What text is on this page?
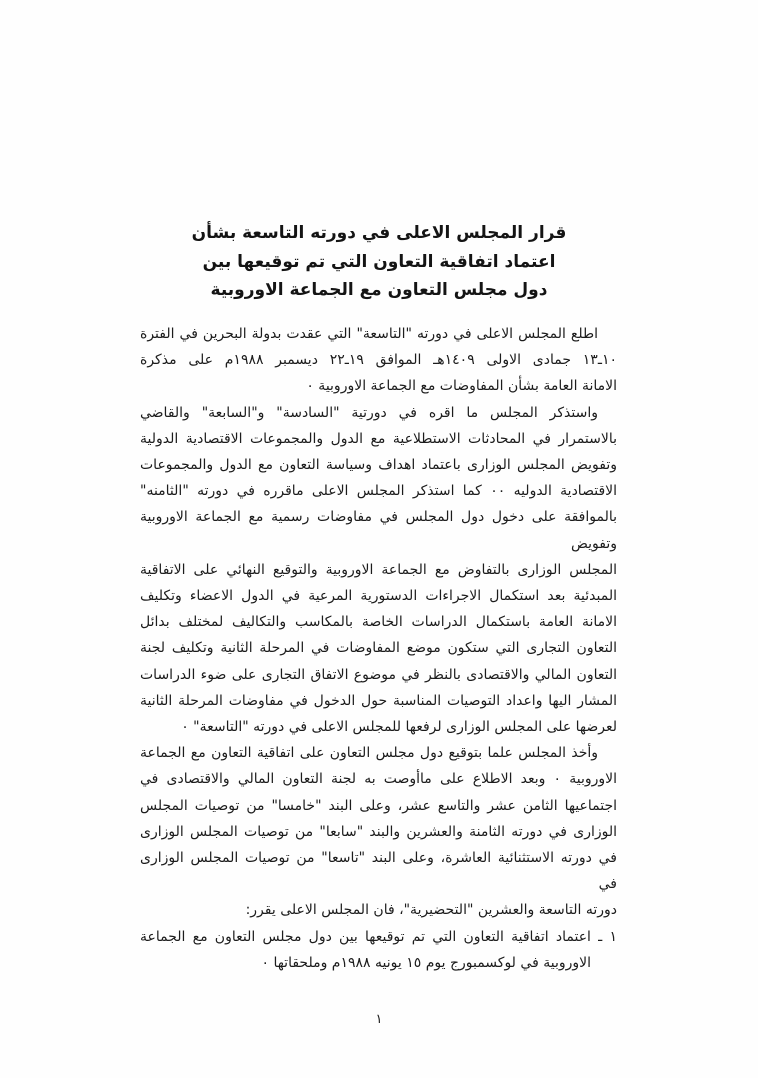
قرار المجلس الاعلى في دورته التاسعة بشأن
اعتماد اتفاقية التعاون التي تم توقيعها بين
دول مجلس التعاون مع الجماعة الاوروبية
اطلع المجلس الاعلى في دورته "التاسعة" التي عقدت بدولة البحرين في الفترة
١٠ـ١٣ جمادى الاولى ١٤٠٩هـ الموافق ١٩ـ٢٢ ديسمبر ١٩٨٨م على مذكرة
الامانة العامة بشأن المفاوضات مع الجماعة الاوروبية ٠
واستذكر المجلس ما اقره في دورتية "السادسة" و"السابعة" والقاضي
بالاستمرار في المحادثات الاستطلاعية مع الدول والمجموعات الاقتصادية الدولية
وتفويض المجلس الوزارى باعتماد اهداف وسياسة التعاون مع الدول والمجموعات
الاقتصادية الدوليه ٠٠ كما استذكر المجلس الاعلى ماقرره في دورته "الثامنه"
بالموافقة على دخول دول المجلس في مفاوضات رسمية مع الجماعة الاوروبية وتفويض
المجلس الوزارى بالتفاوض مع الجماعة الاوروبية والتوقيع النهائي على الاتفاقية
المبدئية بعد استكمال الاجراءات الدستورية المرعية في الدول الاعضاء وتكليف
الامانة العامة باستكمال الدراسات الخاصة بالمكاسب والتكاليف لمختلف بدائل
التعاون التجارى التي ستكون موضع المفاوضات في المرحلة الثانية وتكليف لجنة
التعاون المالي والاقتصادى بالنظر في موضوع الاتفاق التجارى على ضوء الدراسات
المشار اليها واعداد التوصيات المناسبة حول الدخول في مفاوضات المرحلة الثانية
لعرضها على المجلس الوزارى لرفعها للمجلس الاعلى في دورته "التاسعة" ٠
وأخذ المجلس علما بتوقيع دول مجلس التعاون على اتفاقية التعاون مع الجماعة
الاوروبية ٠ وبعد الاطلاع على ماأوصت به لجنة التعاون المالي والاقتصادى في
اجتماعيها الثامن عشر والتاسع عشر، وعلى البند "خامسا" من توصيات المجلس
الوزارى في دورته الثامنة والعشرين والبند "سابعا" من توصيات المجلس الوزارى
في دورته الاستثنائية العاشرة، وعلى البند "تاسعا" من توصيات المجلس الوزارى في
دورته التاسعة والعشرين "التحضيرية"، فان المجلس الاعلى يقرر:
١ ـ اعتماد اتفاقية التعاون التي تم توقيعها بين دول مجلس التعاون مع الجماعة
الاوروبية في لوكسمبورج يوم ١٥ يونيه ١٩٨٨م وملحقاتها ٠
١
